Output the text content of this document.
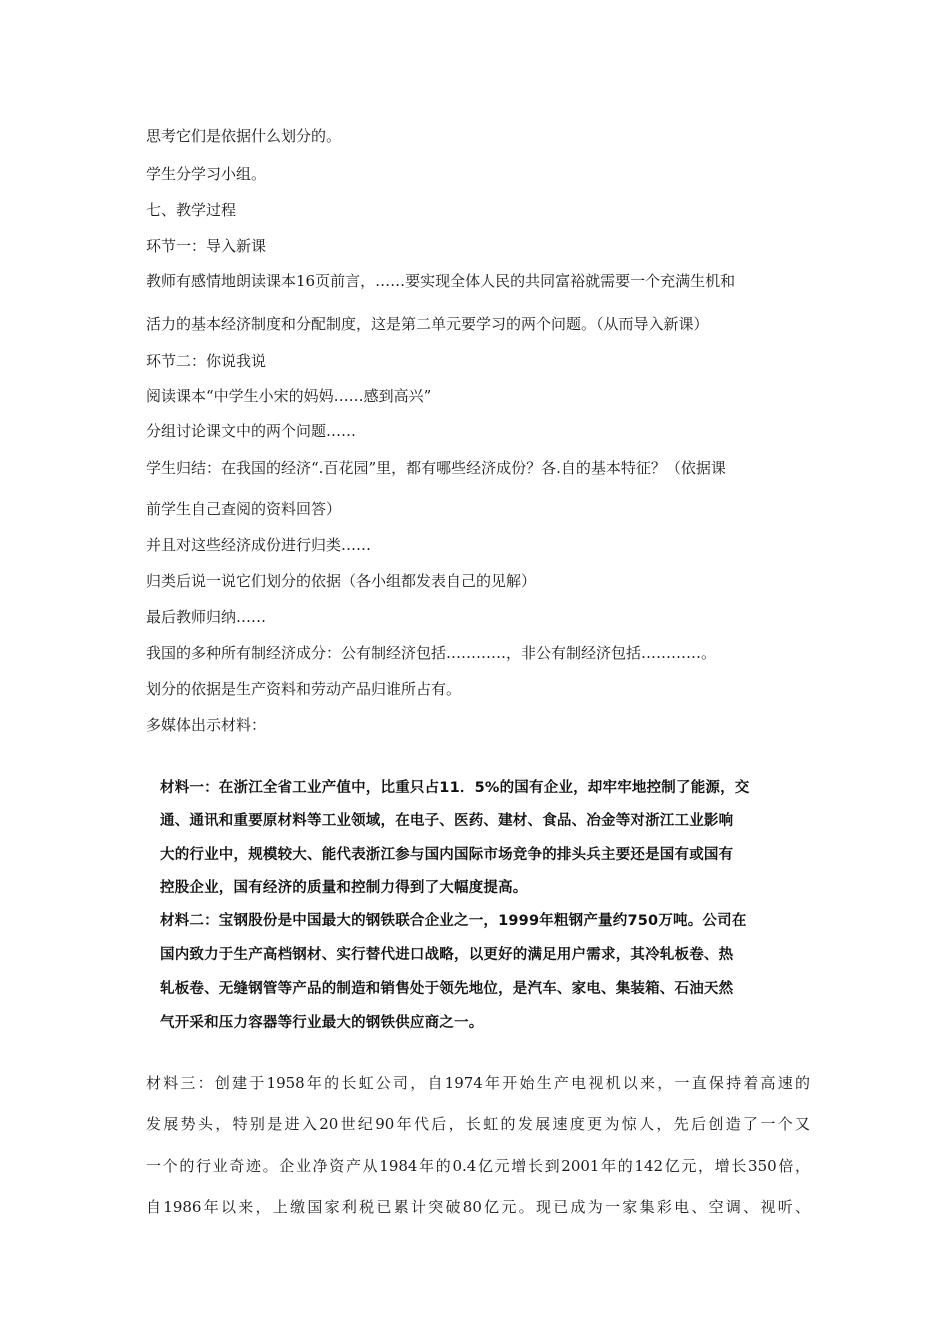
思考它们是依据什么划分的。
学生分学习小组。
七、教学过程
环节一：导入新课
教师有感情地朗读课本16页前言，……要实现全体人民的共同富裕就需要一个充满生机和
活力的基本经济制度和分配制度，这是第二单元要学习的两个问题。（从而导入新课）
环节二：你说我说
阅读课本“中学生小宋的妈妈……感到高兴”
分组讨论课文中的两个问题……
学生归结：在我国的经济“.百花园”里，都有哪些经济成份？各.自的基本特征？（依据课
前学生自己查阅的资料回答）
并且对这些经济成份进行归类……
归类后说一说它们划分的依据（各小组都发表自己的见解）
最后教师归纳……
我国的多种所有制经济成分：公有制经济包括…………，非公有制经济包括…………。
划分的依据是生产资料和劳动产品归谁所占有。
多媒体出示材料：
材料一：在浙江全省工业产值中，比重只占11．5%的国有企业，却牢牢地控制了能源，交
通、通讯和重要原材料等工业领域，在电子、医药、建材、食品、冶金等对浙江工业影响
大的行业中，规模较大、能代表浙江参与国内国际市场竞争的排头兵主要还是国有或国有
控股企业，国有经济的质量和控制力得到了大幅度提高。
材料二：宝钢股份是中国最大的钢铁联合企业之一，1999年粗钢产量约750万吨。公司在
国内致力于生产高档钢材、实行替代进口战略，以更好的满足用户需求，其冷轧板卷、热
轧板卷、无缝钢管等产品的制造和销售处于领先地位，是汽车、家电、集装箱、石油天然
气开采和压力容器等行业最大的钢铁供应商之一。
材料三：创建于1958年的长虹公司，自1974年开始生产电视机以来，一直保持着高速的
发展势头，特别是进入20世纪90年代后，长虹的发展速度更为惊人，先后创造了一个又
一个的行业奇迹。企业净资产从1984年的0.4亿元增长到2001年的142亿元，增长350倍，
自1986年以来，上缴国家利税已累计突破80亿元。现已成为一家集彩电、空调、视听、
